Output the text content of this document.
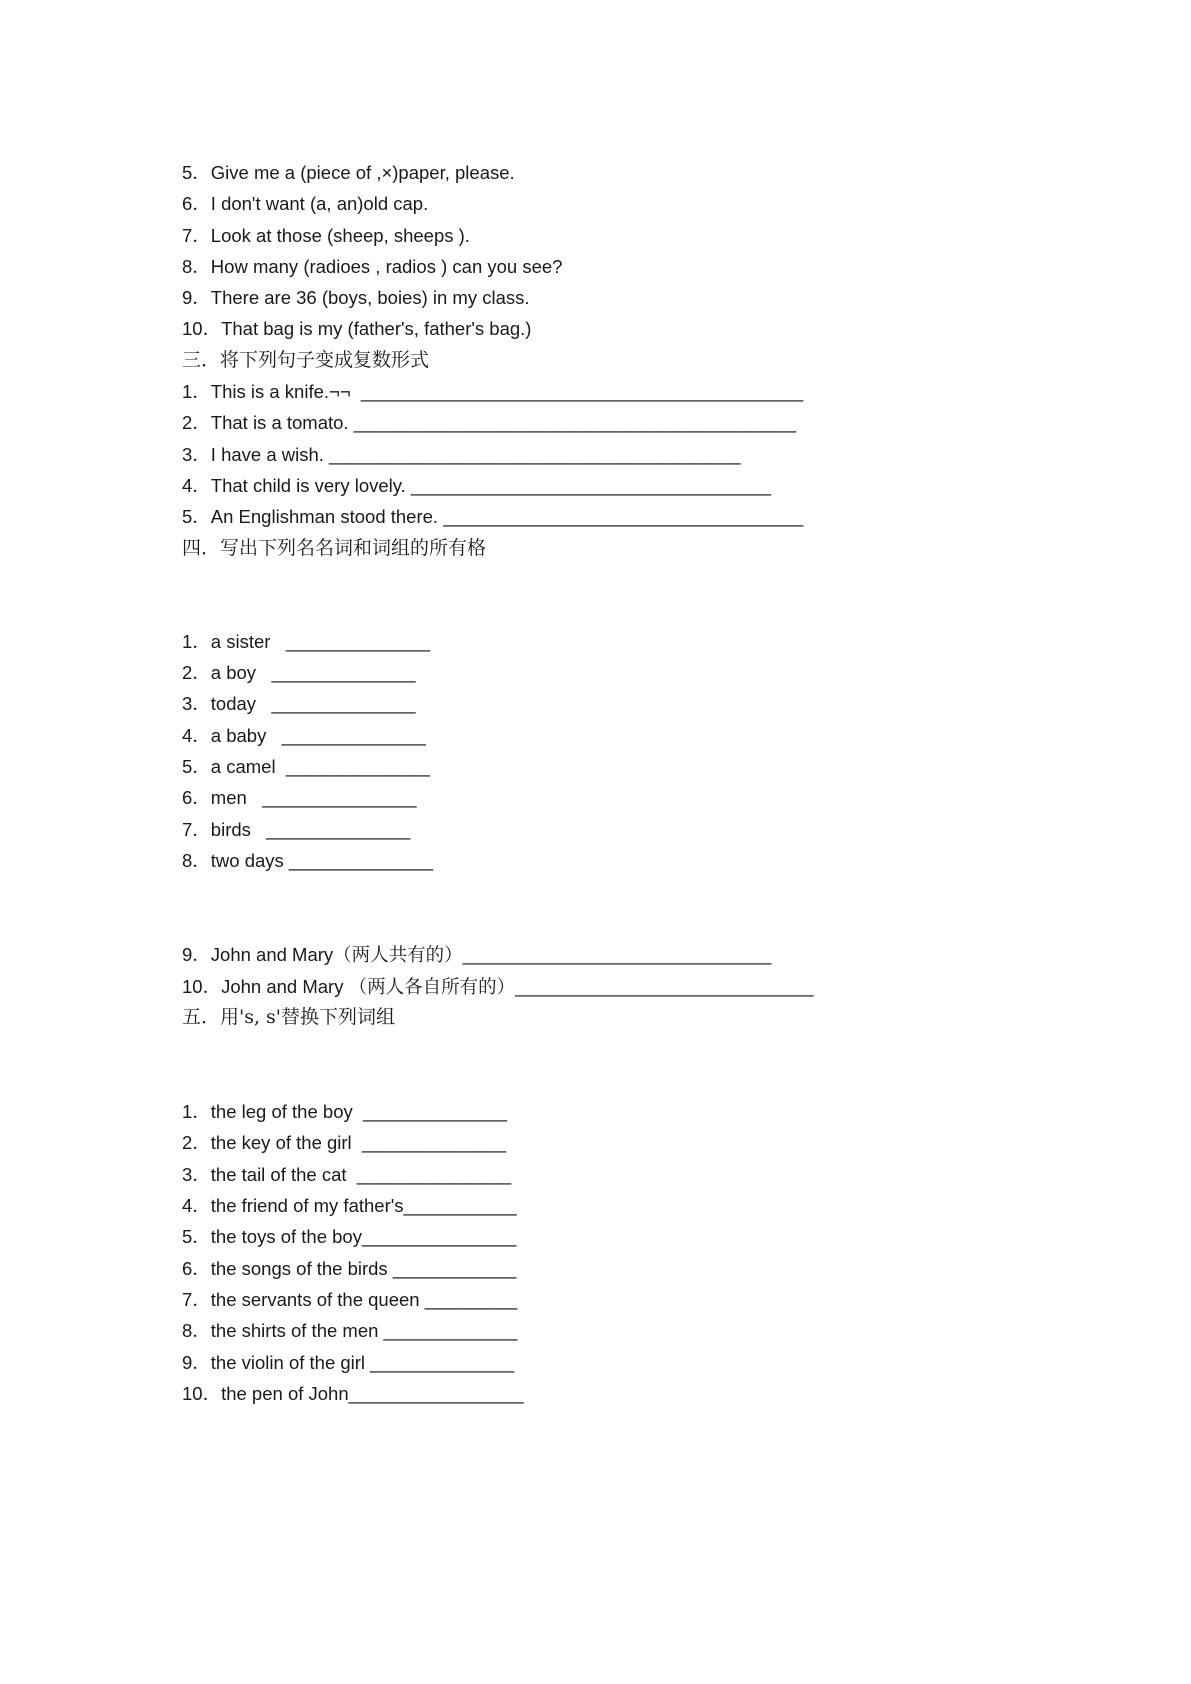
5．Give me a (piece of ,×)paper, please.
6．I don't want (a, an)old cap.
7．Look at those (sheep, sheeps ).
8．How many (radioes , radios ) can you see?
9．There are 36 (boys, boies) in my class.
10．That bag is my (father's, father's bag.)
三．将下列句子变成复数形式
1．This is a knife.¬¬  ___________________________________________
2．That is a tomato. ___________________________________________
3．I have a wish. ________________________________________
4．That child is very lovely. ___________________________________
5．An Englishman stood there. ___________________________________
四．写出下列名名词和词组的所有格
1．a sister   ______________
2．a boy   ______________
3．today   ______________
4．a baby   ______________
5．a camel  ______________
6．men   _______________
7．birds   ______________
8．two days ______________
9．John and Mary（两人共有的）______________________________
10．John and Mary （两人各自所有的）_____________________________
五．用's, s'替换下列词组
1．the leg of the boy  ______________
2．the key of the girl  ______________
3．the tail of the cat  _______________
4．the friend of my father's___________
5．the toys of the boy_______________
6．the songs of the birds ____________
7．the servants of the queen _________
8．the shirts of the men _____________
9．the violin of the girl ______________
10．the pen of John_________________
